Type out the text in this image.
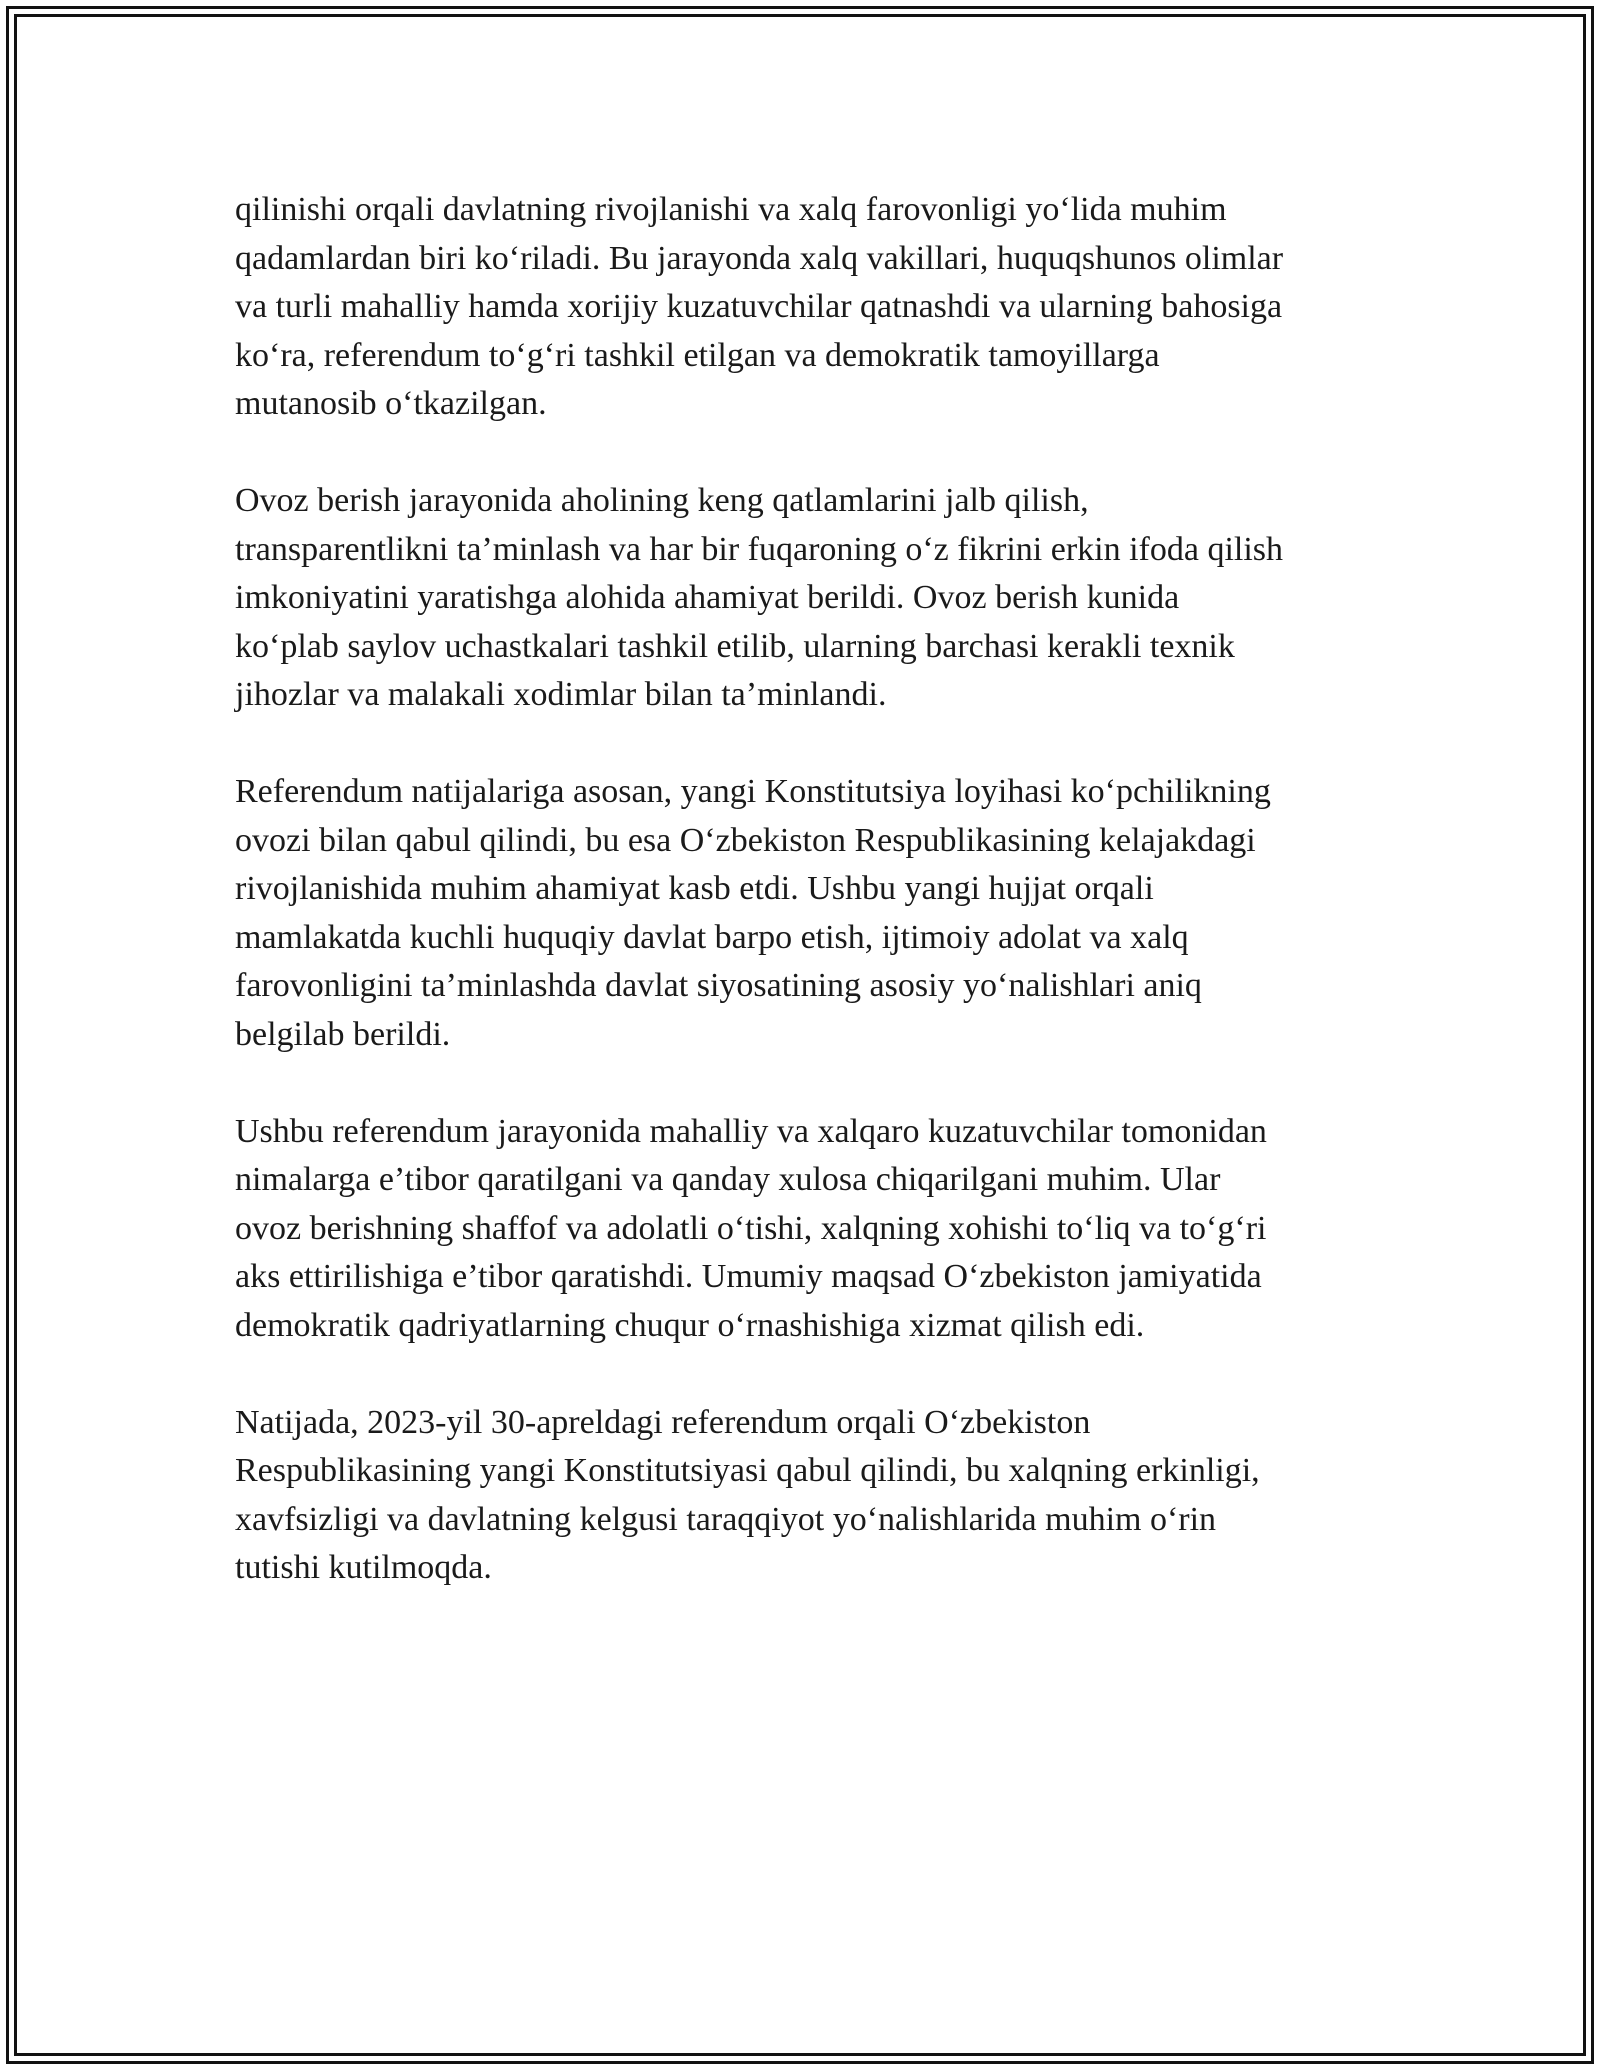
qilinishi orqali davlatning rivojlanishi va xalq farovonligi yo‘lida muhim
qadamlardan biri ko‘riladi. Bu jarayonda xalq vakillari, huquqshunos olimlar
va turli mahalliy hamda xorijiy kuzatuvchilar qatnashdi va ularning bahosiga
ko‘ra, referendum to‘g‘ri tashkil etilgan va demokratik tamoyillarga
mutanosib o‘tkazilgan.

Ovoz berish jarayonida aholining keng qatlamlarini jalb qilish,
transparentlikni ta’minlash va har bir fuqaroning o‘z fikrini erkin ifoda qilish
imkoniyatini yaratishga alohida ahamiyat berildi. Ovoz berish kunida
ko‘plab saylov uchastkalari tashkil etilib, ularning barchasi kerakli texnik
jihozlar va malakali xodimlar bilan ta’minlandi.

Referendum natijalariga asosan, yangi Konstitutsiya loyihasi ko‘pchilikning
ovozi bilan qabul qilindi, bu esa O‘zbekiston Respublikasining kelajakdagi
rivojlanishida muhim ahamiyat kasb etdi. Ushbu yangi hujjat orqali
mamlakatda kuchli huquqiy davlat barpo etish, ijtimoiy adolat va xalq
farovonligini ta’minlashda davlat siyosatining asosiy yo‘nalishlari aniq
belgilab berildi.

Ushbu referendum jarayonida mahalliy va xalqaro kuzatuvchilar tomonidan
nimalarga e’tibor qaratilgani va qanday xulosa chiqarilgani muhim. Ular
ovoz berishning shaffof va adolatli o‘tishi, xalqning xohishi to‘liq va to‘g‘ri
aks ettirilishiga e’tibor qaratishdi. Umumiy maqsad O‘zbekiston jamiyatida
demokratik qadriyatlarning chuqur o‘rnashishiga xizmat qilish edi.

Natijada, 2023-yil 30-apreldagi referendum orqali O‘zbekiston
Respublikasining yangi Konstitutsiyasi qabul qilindi, bu xalqning erkinligi,
xavfsizligi va davlatning kelgusi taraqqiyot yo‘nalishlarida muhim o‘rin
tutishi kutilmoqda.
